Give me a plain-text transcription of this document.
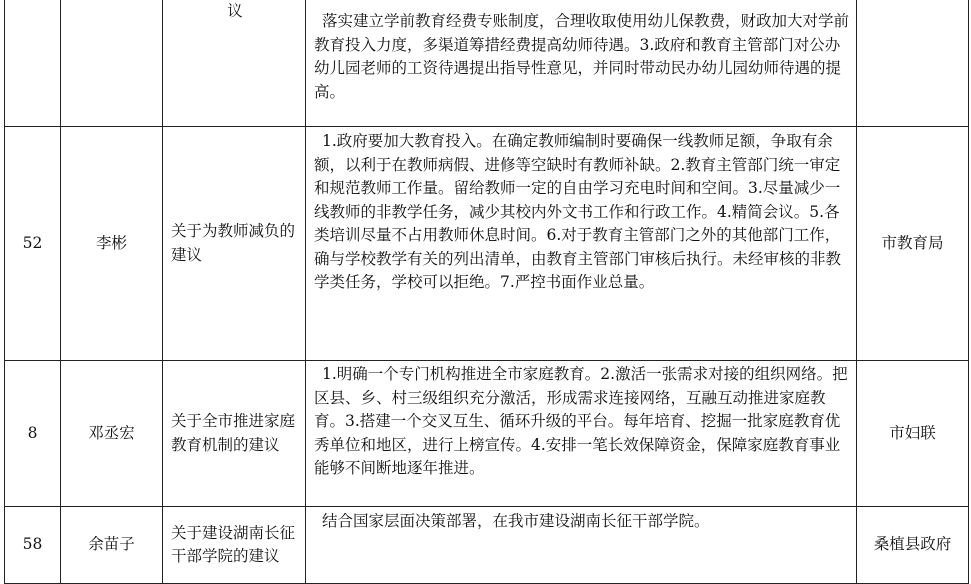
		议	落实建立学前教育经费专账制度，合理收取使用幼儿保教费，财政加大对学前教育投入力度，多渠道筹措经费提高幼师待遇。3.政府和教育主管部门对公办幼儿园老师的工资待遇提出指导性意见，并同时带动民办幼儿园幼师待遇的提高。	

52	李彬	关于为教师减负的建议	1.政府要加大教育投入。在确定教师编制时要确保一线教师足额，争取有余额，以利于在教师病假、进修等空缺时有教师补缺。2.教育主管部门统一审定和规范教师工作量。留给教师一定的自由学习充电时间和空间。3.尽量减少一线教师的非教学任务，减少其校内外文书工作和行政工作。4.精简会议。5.各类培训尽量不占用教师休息时间。6.对于教育主管部门之外的其他部门工作，确与学校教学有关的列出清单，由教育主管部门审核后执行。未经审核的非教学类任务，学校可以拒绝。7.严控书面作业总量。	市教育局
8	邓丞宏	关于全市推进家庭教育机制的建议	1.明确一个专门机构推进全市家庭教育。2.激活一张需求对接的组织网络。把区县、乡、村三级组织充分激活，形成需求连接网络，互融互动推进家庭教育。3.搭建一个交叉互生、循环升级的平台。每年培育、挖掘一批家庭教育优秀单位和地区，进行上榜宣传。4.安排一笔长效保障资金，保障家庭教育事业能够不间断地逐年推进。	市妇联
58	余苗子	关于建设湖南长征干部学院的建议	结合国家层面决策部署，在我市建设湖南长征干部学院。	桑植县政府
